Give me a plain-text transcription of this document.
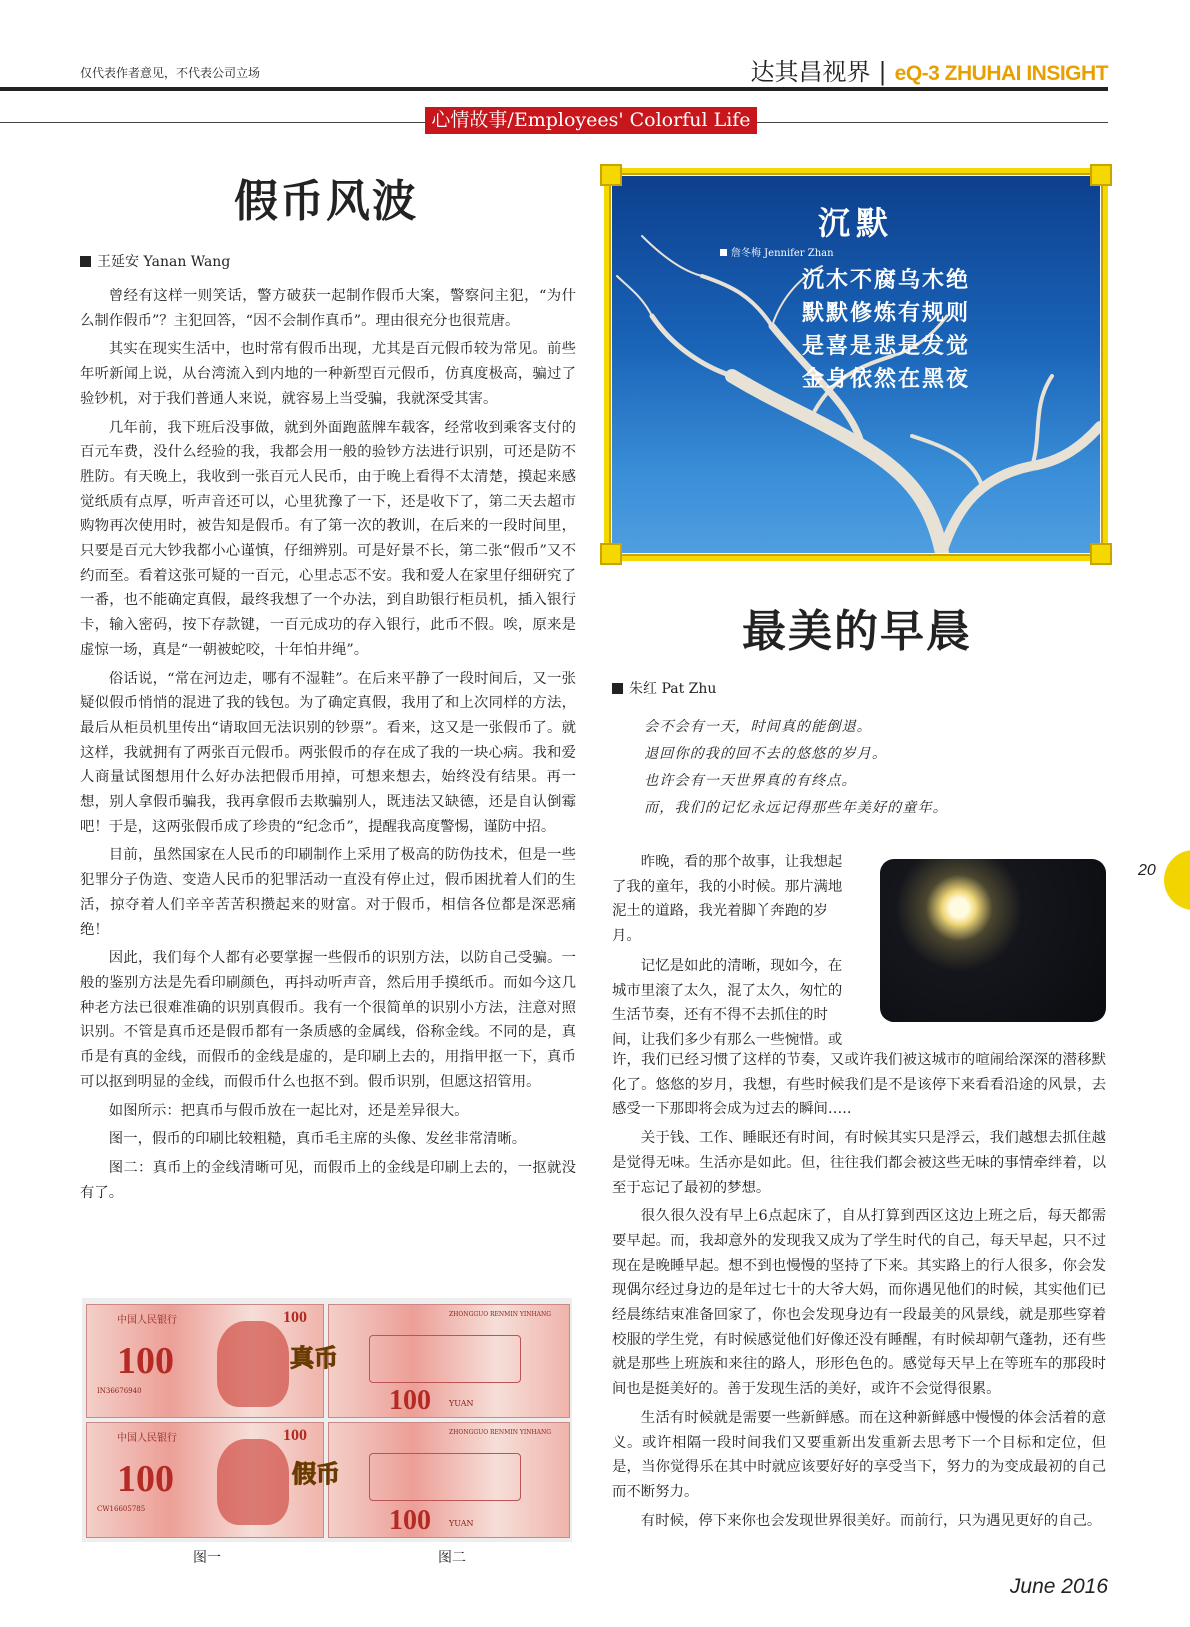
仅代表作者意见，不代表公司立场	达其昌视界 | eQ-3 ZHUHAI INSIGHT
心情故事/Employees' Colorful Life
假币风波
王延安 Yanan Wang

曾经有这样一则笑话，警方破获一起制作假币大案，警察问主犯，“为什么制作假币”？主犯回答，“因不会制作真币”。理由很充分也很荒唐。

其实在现实生活中，也时常有假币出现，尤其是百元假币较为常见。前些年听新闻上说，从台湾流入到内地的一种新型百元假币，仿真度极高，骗过了验钞机，对于我们普通人来说，就容易上当受骗，我就深受其害。

几年前，我下班后没事做，就到外面跑蓝牌车载客，经常收到乘客支付的百元车费，没什么经验的我，我都会用一般的验钞方法进行识别，可还是防不胜防。有天晚上，我收到一张百元人民币，由于晚上看得不太清楚，摸起来感觉纸质有点厚，听声音还可以，心里犹豫了一下，还是收下了，第二天去超市购物再次使用时，被告知是假币。有了第一次的教训，在后来的一段时间里，只要是百元大钞我都小心谨慎，仔细辨别。可是好景不长，第二张“假币”又不约而至。看着这张可疑的一百元，心里忐忑不安。我和爱人在家里仔细研究了一番，也不能确定真假，最终我想了一个办法，到自助银行柜员机，插入银行卡，输入密码，按下存款键，一百元成功的存入银行，此币不假。唉，原来是虚惊一场，真是“一朝被蛇咬，十年怕井绳”。

俗话说，“常在河边走，哪有不湿鞋”。在后来平静了一段时间后，又一张疑似假币悄悄的混进了我的钱包。为了确定真假，我用了和上次同样的方法，最后从柜员机里传出“请取回无法识别的钞票”。看来，这又是一张假币了。就这样，我就拥有了两张百元假币。两张假币的存在成了我的一块心病。我和爱人商量试图想用什么好办法把假币用掉，可想来想去，始终没有结果。再一想，别人拿假币骗我，我再拿假币去欺骗别人，既违法又缺德，还是自认倒霉吧！于是，这两张假币成了珍贵的“纪念币”，提醒我高度警惕，谨防中招。

目前，虽然国家在人民币的印刷制作上采用了极高的防伪技术，但是一些犯罪分子伪造、变造人民币的犯罪活动一直没有停止过，假币困扰着人们的生活，掠夺着人们辛辛苦苦积攒起来的财富。对于假币，相信各位都是深恶痛绝！

因此，我们每个人都有必要掌握一些假币的识别方法，以防自己受骗。一般的鉴别方法是先看印刷颜色，再抖动听声音，然后用手摸纸币。而如今这几种老方法已很难准确的识别真假币。我有一个很简单的识别小方法，注意对照识别。不管是真币还是假币都有一条质感的金属线，俗称金线。不同的是，真币是有真的金线，而假币的金线是虚的，是印刷上去的，用指甲抠一下，真币可以抠到明显的金线，而假币什么也抠不到。假币识别，但愿这招管用。

如图所示：把真币与假币放在一起比对，还是差异很大。

图一，假币的印刷比较粗糙，真币毛主席的头像、发丝非常清晰。

图二：真币上的金线清晰可见，而假币上的金线是印刷上去的，一抠就没有了。

中国人民银行
100
IN36676940
100	ZHONGGUO RENMIN YINHANG
100 YUAN
真币
中国人民银行
100
CW16605785
100	ZHONGGUO RENMIN YINHANG
100 YUAN
假币
图一	图二
沉默
詹冬梅 Jennifer Zhan
沉木不腐乌木绝
默默修炼有规则
是喜是悲是发觉
金身依然在黑夜
最美的早晨
朱红 Pat Zhu
会不会有一天，时间真的能倒退。
退回你的我的回不去的悠悠的岁月。
也许会有一天世界真的有终点。
而，我们的记忆永远记得那些年美好的童年。
昨晚，看的那个故事，让我想起
了我的童年，我的小时候。那片满地
泥土的道路，我光着脚丫奔跑的岁
月。
记忆是如此的清晰，现如今，在
城市里滚了太久，混了太久，匆忙的
生活节奏，还有不得不去抓住的时
间，让我们多少有那么一些惋惜。或

许，我们已经习惯了这样的节奏，又或许我们被这城市的喧闹给深深的潜移默化了。悠悠的岁月，我想，有些时候我们是不是该停下来看看沿途的风景，去感受一下那即将会成为过去的瞬间…..

关于钱、工作、睡眠还有时间，有时候其实只是浮云，我们越想去抓住越是觉得无味。生活亦是如此。但，往往我们都会被这些无味的事情牵绊着，以至于忘记了最初的梦想。

很久很久没有早上6点起床了，自从打算到西区这边上班之后，每天都需要早起。而，我却意外的发现我又成为了学生时代的自己，每天早起，只不过现在是晚睡早起。想不到也慢慢的坚持了下来。其实路上的行人很多，你会发现偶尔经过身边的是年过七十的大爷大妈，而你遇见他们的时候，其实他们已经晨练结束准备回家了，你也会发现身边有一段最美的风景线，就是那些穿着校服的学生党，有时候感觉他们好像还没有睡醒，有时候却朝气蓬勃，还有些就是那些上班族和来往的路人，形形色色的。感觉每天早上在等班车的那段时间也是挺美好的。善于发现生活的美好，或许不会觉得很累。

生活有时候就是需要一些新鲜感。而在这种新鲜感中慢慢的体会活着的意义。或许相隔一段时间我们又要重新出发重新去思考下一个目标和定位，但是，当你觉得乐在其中时就应该要好好的享受当下，努力的为变成最初的自己而不断努力。

有时候，停下来你也会发现世界很美好。而前行，只为遇见更好的自己。

20
June 2016
